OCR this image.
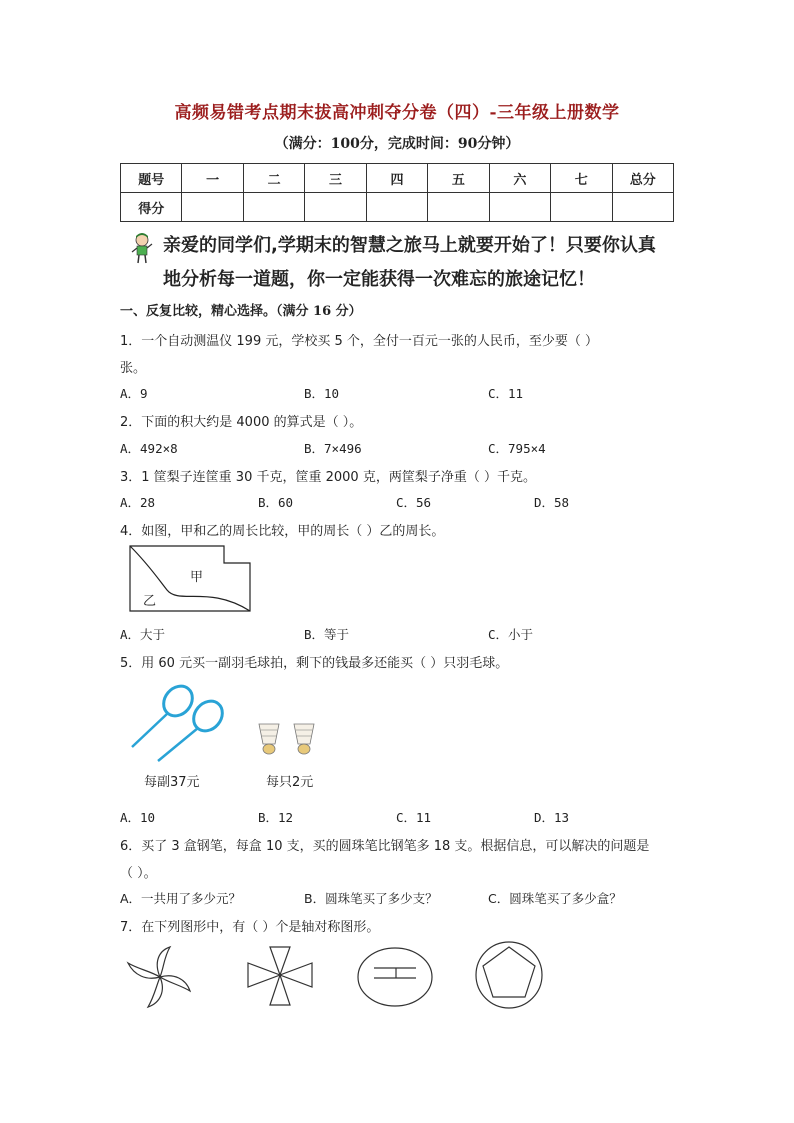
高频易错考点期末拔高冲刺夺分卷（四）-三年级上册数学
（满分：100分，完成时间：90分钟）
题号	一	二	三	四	五	六	七	总分
得分								
亲爱的同学们,学期末的智慧之旅马上就要开始了！只要你认真
地分析每一道题，你一定能获得一次难忘的旅途记忆！
一、反复比较，精心选择。（满分 16 分）
1．一个自动测温仪 199 元，学校买 5 个，全付一百元一张的人民币，至少要（ ）
张。
A．9	B．10	C．11
2．下面的积大约是 4000 的算式是（ ）。
A．492×8	B．7×496	C．795×4
3．1 筐梨子连筐重 30 千克，筐重 2000 克，两筐梨子净重（ ）千克。
A．28	B．60	C．56	D．58
4．如图，甲和乙的周长比较，甲的周长（ ）乙的周长。
甲
乙
A．大于	B．等于	C．小于
5．用 60 元买一副羽毛球拍，剩下的钱最多还能买（ ）只羽毛球。
每副37元	每只2元
A．10	B．12	C．11	D．13
6．买了 3 盒钢笔，每盒 10 支，买的圆珠笔比钢笔多 18 支。根据信息，可以解决的问题是
（ ）。
A．一共用了多少元？	B．圆珠笔买了多少支？	C．圆珠笔买了多少盒？
7．在下列图形中，有（ ）个是轴对称图形。
